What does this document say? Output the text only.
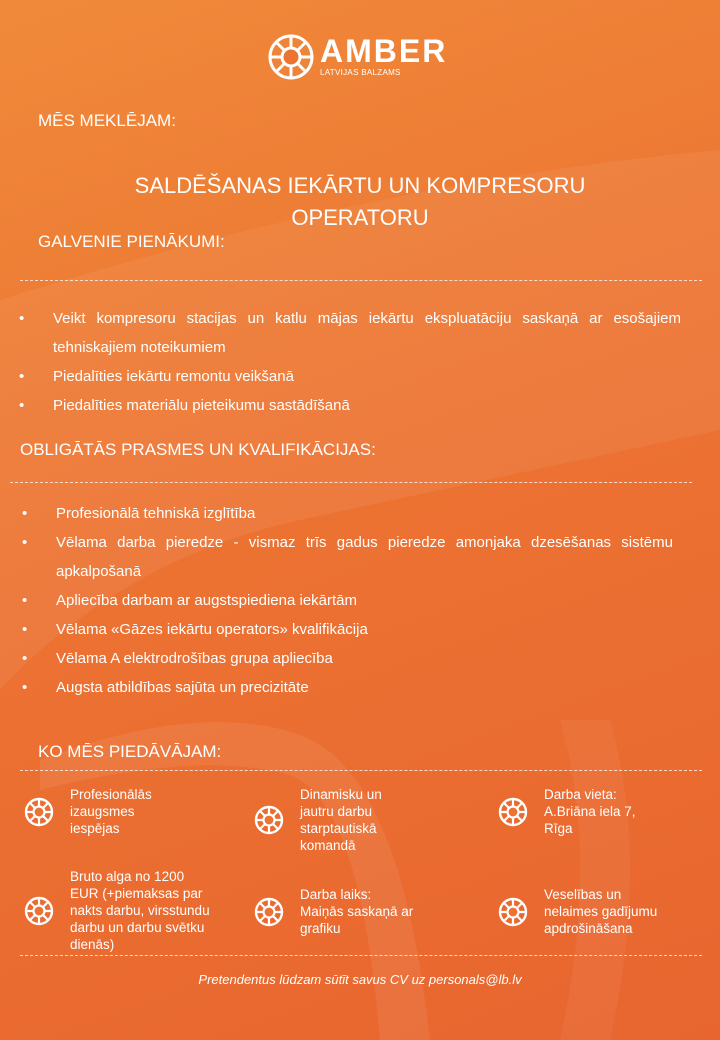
AMBER
LATVIJAS BALZAMS
MĒS MEKLĒJAM:
SALDĒŠANAS IEKĀRTU UN KOMPRESORU
OPERATORU
GALVENIE PIENĀKUMI:
• Veikt kompresoru stacijas un katlu mājas iekārtu ekspluatāciju saskaņā ar esošajiem tehniskajiem noteikumiem
• Piedalīties iekārtu remontu veikšanā
• Piedalīties materiālu pieteikumu sastādīšanā
OBLIGĀTĀS PRASMES UN KVALIFIKĀCIJAS:
• Profesionālā tehniskā izglītība
• Vēlama darba pieredze - vismaz trīs gadus pieredze amonjaka dzesēšanas sistēmu apkalpošanā
• Apliecība darbam ar augstspiediena iekārtām
• Vēlama «Gāzes iekārtu operators» kvalifikācija
• Vēlama A elektrodrošības grupa apliecība
• Augsta atbildības sajūta un precizitāte
KO MĒS PIEDĀVĀJAM:
Profesionālās
izaugsmes
iespējas
Dinamisku un
jautru darbu
starptautiskā
komandā
Darba vieta:
A.Briāna iela 7,
Rīga
Bruto alga no 1200
EUR (+piemaksas par
nakts darbu, virsstundu
darbu un darbu svētku
dienās)
Darba laiks:
Maiņās saskaņā ar
grafiku
Veselības un
nelaimes gadījumu
apdrošināšana
Pretendentus lūdzam sūtīt savus CV uz personals@lb.lv
